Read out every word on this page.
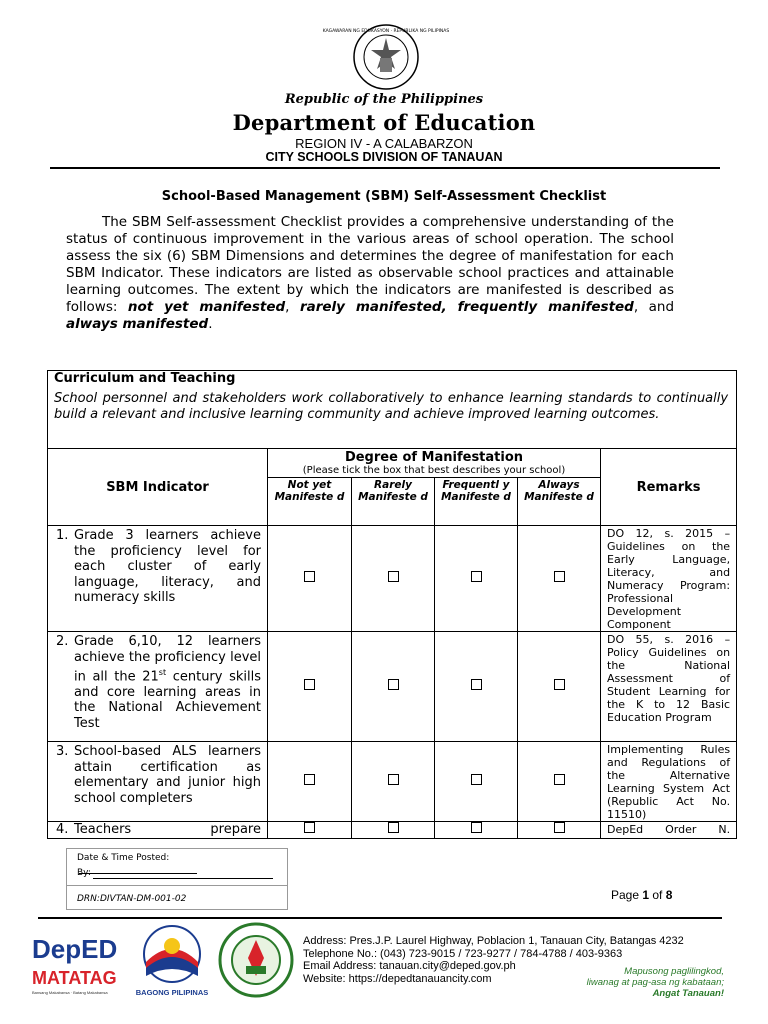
KAGAWARAN NG EDUKASYON · REPUBLIKA NG PILIPINAS
Republic of the Philippines
Department of Education
REGION IV - A CALABARZON
CITY SCHOOLS DIVISION OF TANAUAN
School-Based Management (SBM) Self-Assessment Checklist
The SBM Self-assessment Checklist provides a comprehensive understanding of the status of continuous improvement in the various areas of school operation. The school assess the six (6) SBM Dimensions and determines the degree of manifestation for each SBM Indicator. These indicators are listed as observable school practices and attainable learning outcomes. The extent by which the indicators are manifested is described as follows: not yet manifested, rarely manifested, frequently manifested, and always manifested.
Curriculum and Teaching
School personnel and stakeholders work collaboratively to enhance learning standards to continually build a relevant and inclusive learning community and achieve improved learning outcomes.					

SBM Indicator	Degree of Manifestation
(Please tick the box that best describes your school)				Remarks
	Not yet Manifeste d	Rarely Manifeste d	Frequentl y Manifeste d	Always Manifeste d	
1. Grade 3 learners achieve the proficiency level for each cluster of early language, literacy, and numeracy skills					DO 12, s. 2015 – Guidelines on the Early Language, Literacy, and Numeracy Program: Professional Development Component
2. Grade 6,10, 12 learners achieve the proficiency level in all the 21st century skills and core learning areas in the National Achievement Test					DO 55, s. 2016 – Policy Guidelines on the National Assessment of Student Learning for the K to 12 Basic Education Program
3. School-based ALS learners attain certification as elementary and junior high school completers					Implementing Rules and Regulations of the Alternative Learning System Act (Republic Act No. 11510)
4. Teachers prepare					DepEd Order N.
Date & Time Posted:
By:
DRN:DIVTAN-DM-001-02	Page 1 of 8
DepED
MATATAG
Bansang Makabansa · Batang Makabansa	BAGONG PILIPINAS
Address: Pres.J.P. Laurel Highway, Poblacion 1, Tanauan City, Batangas 4232
Telephone No.: (043) 723-9015 / 723-9277 / 784-4788 / 403-9363
Email Address: tanauan.city@deped.gov.ph
Website: https://depedtanauancity.com
Mapusong paglilingkod,
liwanag at pag-asa ng kabataan;
Angat Tanauan!
